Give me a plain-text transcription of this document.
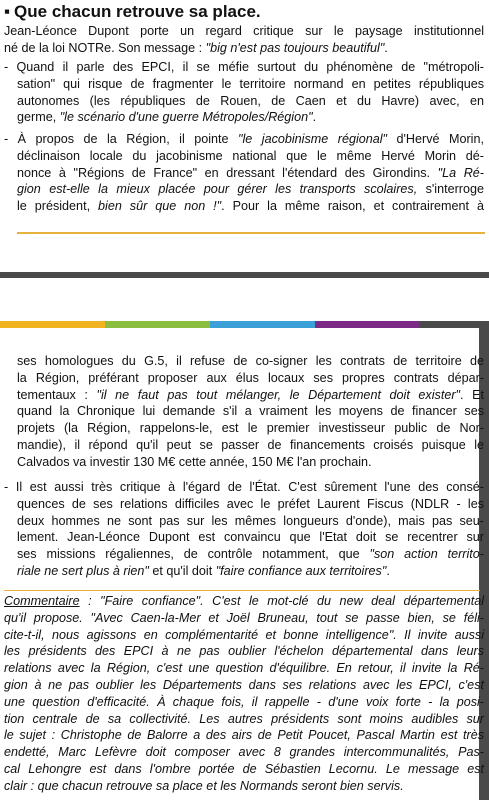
▪ Que chacun retrouve sa place.
Jean-Léonce Dupont porte un regard critique sur le paysage institutionnel
né de la loi NOTRe. Son message : "big n'est pas toujours beautiful".
- Quand il parle des EPCI, il se méfie surtout du phénomène de "métropoli-
sation" qui risque de fragmenter le territoire normand en petites républiques
autonomes (les républiques de Rouen, de Caen et du Havre) avec, en
germe, "le scénario d'une guerre Métropoles/Région".
- À propos de la Région, il pointe "le jacobinisme régional" d'Hervé Morin,
déclinaison locale du jacobinisme national que le même Hervé Morin dé-
nonce à "Régions de France" en dressant l'étendard des Girondins. "La Ré-
gion est-elle la mieux placée pour gérer les transports scolaires, s'interroge
le président, bien sûr que non !". Pour la même raison, et contrairement à
ses homologues du G.5, il refuse de co-signer les contrats de territoire de
la Région, préférant proposer aux élus locaux ses propres contrats dépar-
tementaux : "il ne faut pas tout mélanger, le Département doit exister". Et
quand la Chronique lui demande s'il a vraiment les moyens de financer ses
projets (la Région, rappelons-le, est le premier investisseur public de Nor-
mandie), il répond qu'il peut se passer de financements croisés puisque le
Calvados va investir 130 M€ cette année, 150 M€ l'an prochain.
- Il est aussi très critique à l'égard de l'État. C'est sûrement l'une des consé-
quences de ses relations difficiles avec le préfet Laurent Fiscus (NDLR - les
deux hommes ne sont pas sur les mêmes longueurs d'onde), mais pas seu-
lement. Jean-Léonce Dupont est convaincu que l'Etat doit se recentrer sur
ses missions régaliennes, de contrôle notamment, que "son action territo-
riale ne sert plus à rien" et qu'il doit "faire confiance aux territoires".
Commentaire : "Faire confiance". C'est le mot-clé du new deal départemental
qu'il propose. "Avec Caen-la-Mer et Joël Bruneau, tout se passe bien, se féli-
cite-t-il, nous agissons en complémentarité et bonne intelligence". Il invite aussi
les présidents des EPCI à ne pas oublier l'échelon départemental dans leurs
relations avec la Région, c'est une question d'équilibre. En retour, il invite la Ré-
gion à ne pas oublier les Départements dans ses relations avec les EPCI, c'est
une question d'efficacité. À chaque fois, il rappelle - d'une voix forte - la posi-
tion centrale de sa collectivité. Les autres présidents sont moins audibles sur
le sujet : Christophe de Balorre a des airs de Petit Poucet, Pascal Martin est très
endetté, Marc Lefèvre doit composer avec 8 grandes intercommunalités, Pas-
cal Lehongre est dans l'ombre portée de Sébastien Lecornu. Le message est
clair : que chacun retrouve sa place et les Normands seront bien servis.
